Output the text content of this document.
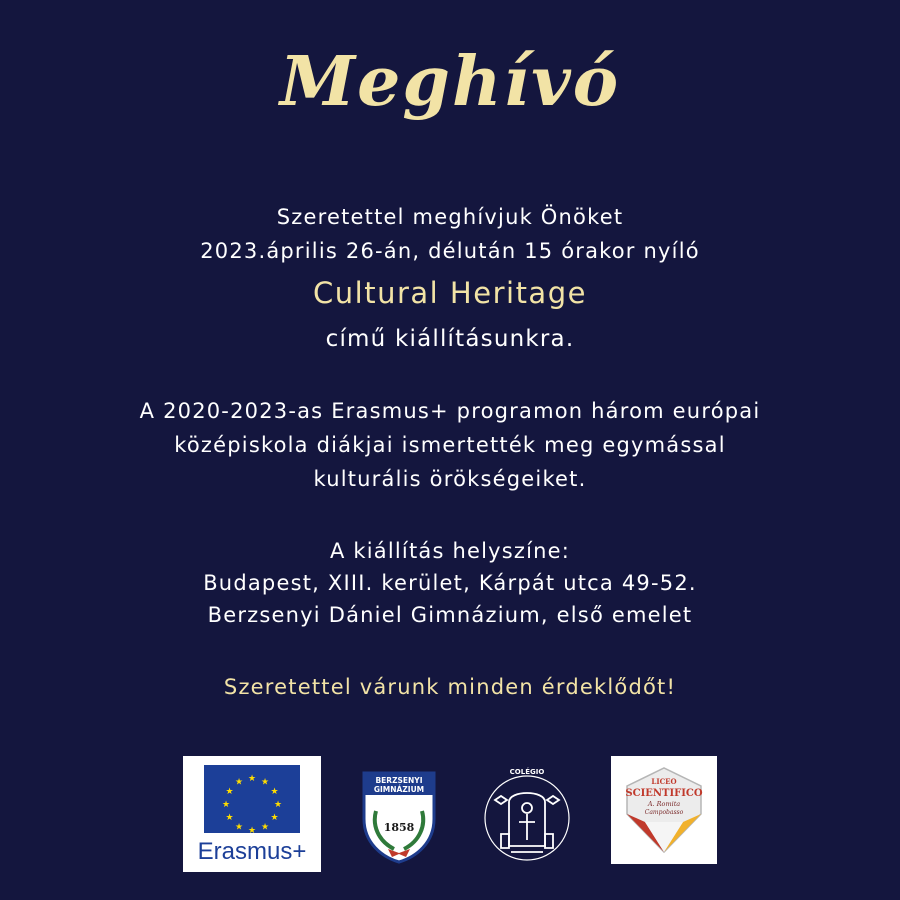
Meghívó
Szeretettel meghívjuk Önöket
2023.április 26-án, délután 15 órakor nyíló
Cultural Heritage
című kiállításunkra.
A 2020-2023-as Erasmus+ programon három európai
középiskola diákjai ismertették meg egymással
kulturális örökségeiket.
A kiállítás helyszíne:
Budapest, XIII. kerület, Kárpát utca 49-52.
Berzsenyi Dániel Gimnázium, első emelet
Szeretettel várunk minden érdeklődőt!
★ ★
★
★
★
★
★
★
★
★
★
★
Erasmus+
BERZSENYI
GIMNÁZIUM
1858
COLÉGIO
LICEO
SCIENTIFICO
A. Romita
Campobasso
